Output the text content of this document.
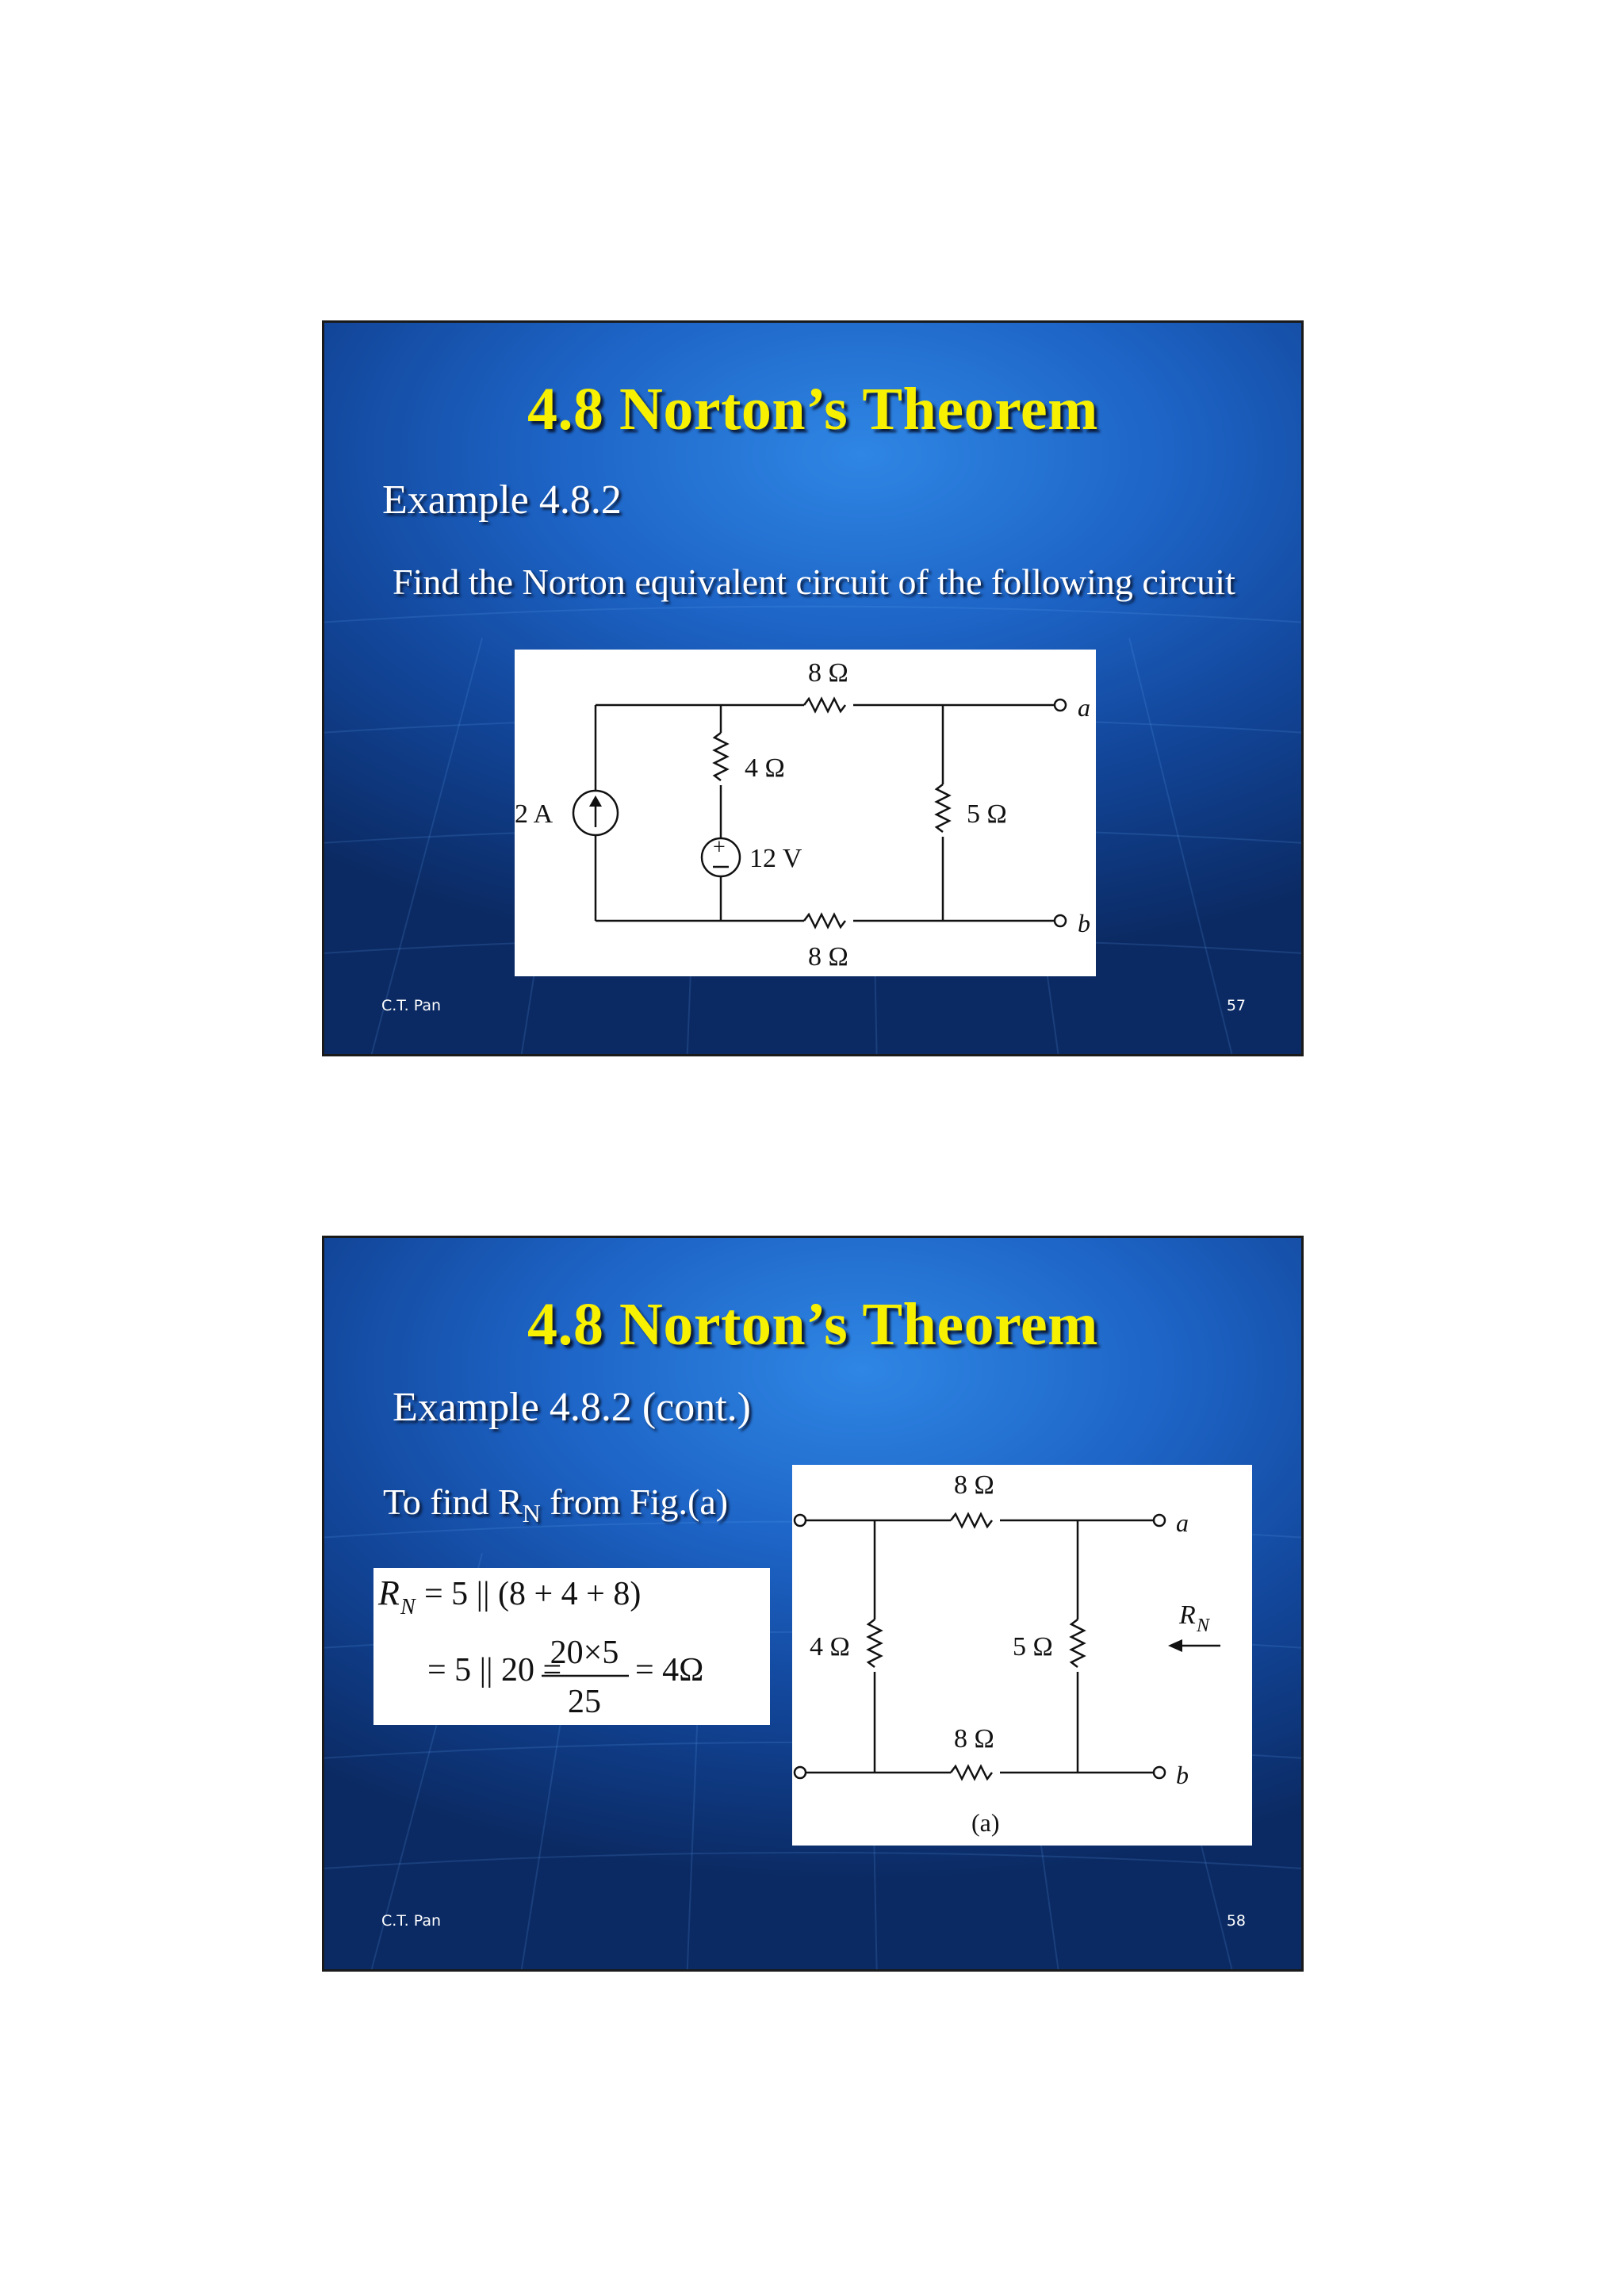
4.8 Norton’s Theorem
Example 4.8.2
Find the Norton equivalent circuit of the following circuit
+
8 Ω
8 Ω
4 Ω
5 Ω
2 A
12 V
a
b
C.T. Pan	57
4.8 Norton’s Theorem
Example 4.8.2 (cont.)
To find $R_N$ from Fig.(a)
R N = 5 || (8 + 4 + 8)
= 5 || 20 =
20×5
25
= 4Ω
8 Ω
8 Ω
4 Ω	5 Ω
a
b
R N
(a)
C.T. Pan	58
